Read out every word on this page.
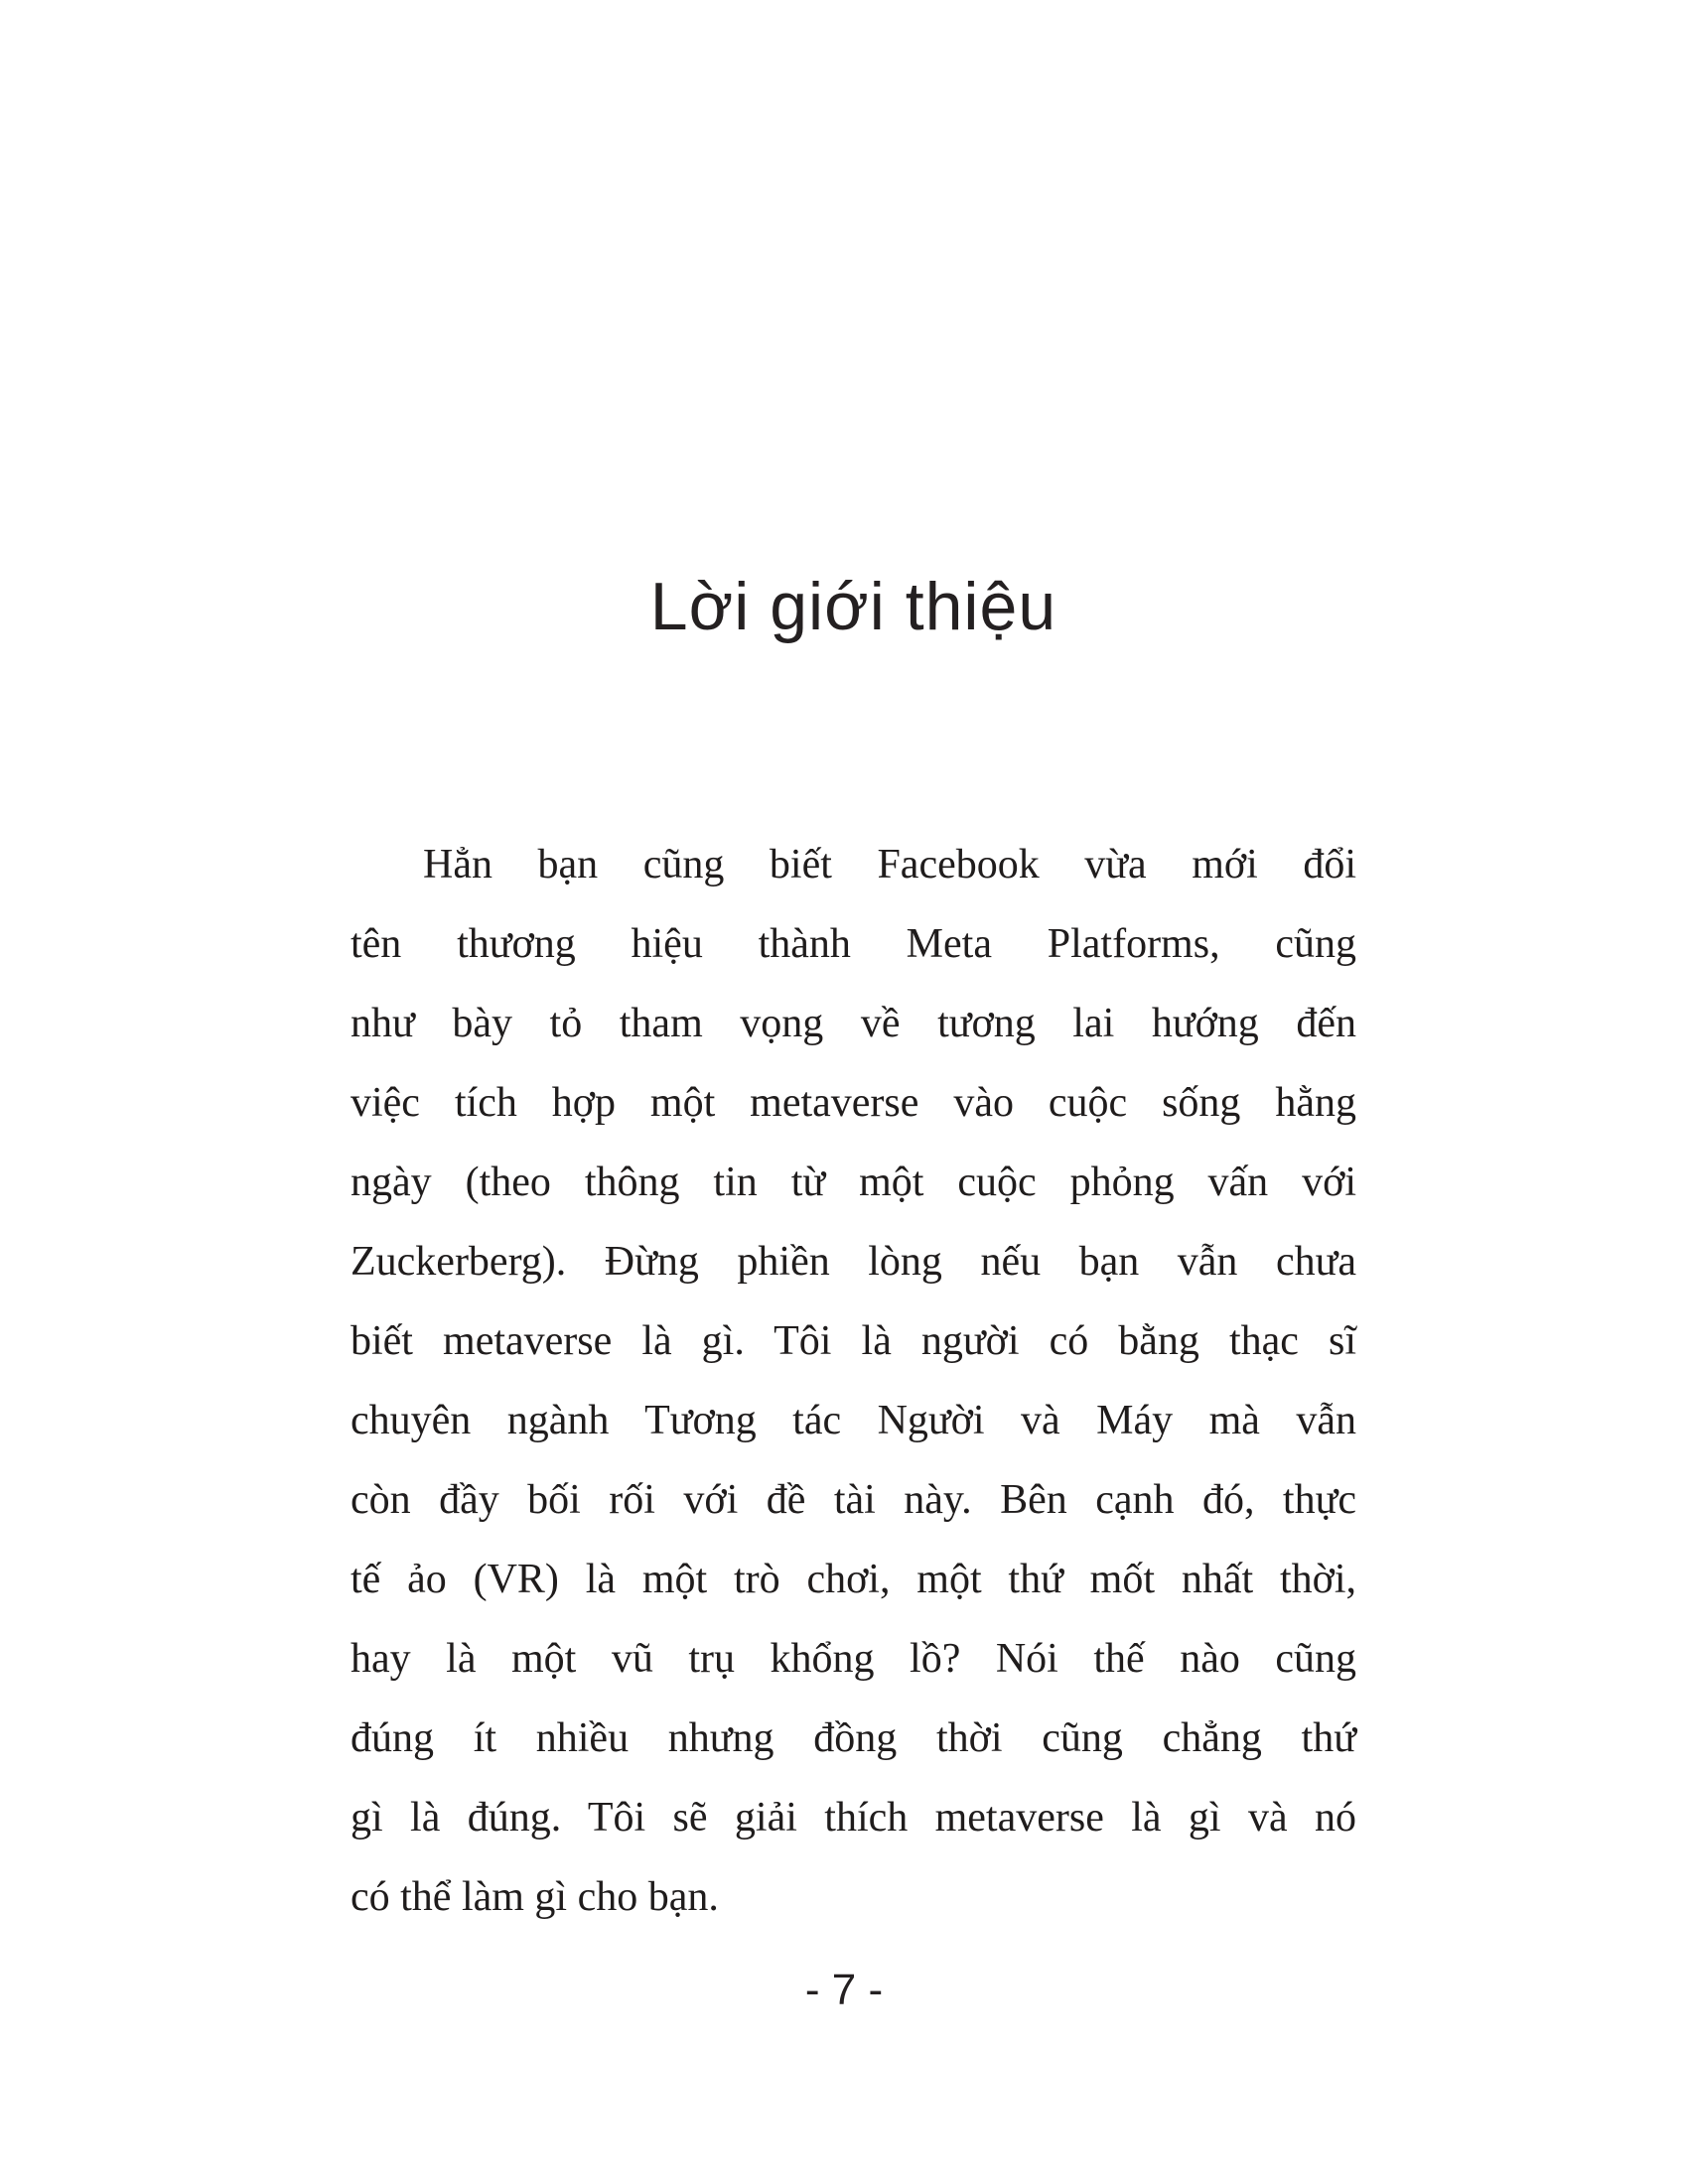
Lời giới thiệu
Hẳn bạn cũng biết Facebook vừa mới đổi
tên thương hiệu thành Meta Platforms, cũng
như bày tỏ tham vọng về tương lai hướng đến
việc tích hợp một metaverse vào cuộc sống hằng
ngày (theo thông tin từ một cuộc phỏng vấn với
Zuckerberg). Đừng phiền lòng nếu bạn vẫn chưa
biết metaverse là gì. Tôi là người có bằng thạc sĩ
chuyên ngành Tương tác Người và Máy mà vẫn
còn đầy bối rối với đề tài này. Bên cạnh đó, thực
tế ảo (VR) là một trò chơi, một thứ mốt nhất thời,
hay là một vũ trụ khổng lồ? Nói thế nào cũng
đúng ít nhiều nhưng đồng thời cũng chẳng thứ
gì là đúng. Tôi sẽ giải thích metaverse là gì và nó
có thể làm gì cho bạn.
- 7 -
